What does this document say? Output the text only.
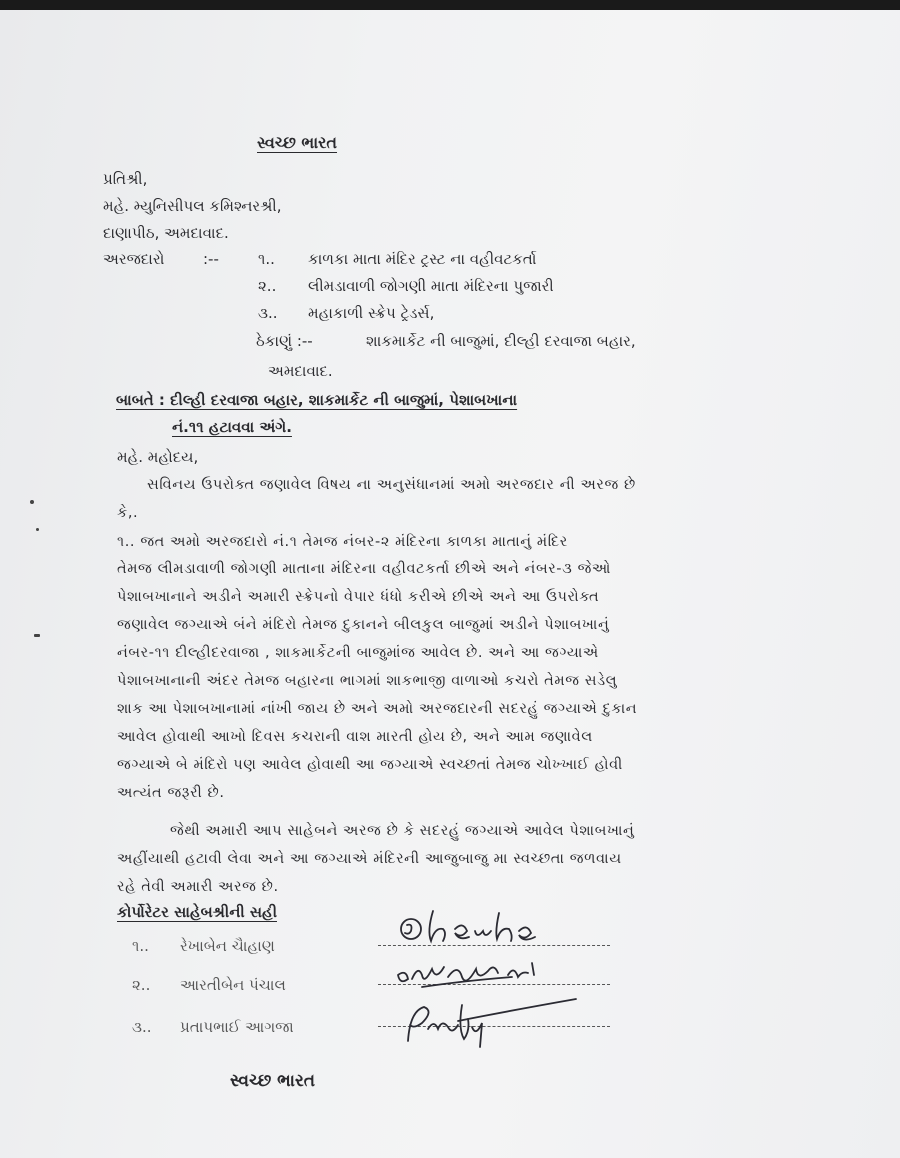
સ્વચ્છ ભારત
પ્રતિશ્રી,
મહે. મ્યુનિસીપલ કમિશ્નરશ્રી,
દાણાપીઠ, અમદાવાદ.
અરજદારો	:--	૧.. કાળકા માતા મંદિર ટ્રસ્ટ ના વહીવટકર્તા
૨.. લીમડાવાળી જોગણી માતા મંદિરના પુજારી
૩.. મહાકાળી સ્ક્રેપ ટ્રેડર્સ,
ઠેકાણું :--	શાકમાર્કેટ ની બાજુમાં, દીલ્હી દરવાજા બહાર,
અમદાવાદ.
બાબતે : દીલ્હી દરવાજા બહાર, શાકમાર્કેટ ની બાજુમાં, પેશાબખાના
નં.૧૧ હટાવવા અંગે.
મહે. મહોદય,
સવિનય ઉપરોક્ત જણાવેલ વિષય ના અનુસંધાનમાં અમો અરજદાર ની અરજ છે
કે,.
૧.. જત અમો અરજદારો નં.૧ તેમજ નંબર-૨ મંદિરના કાળકા માતાનું મંદિર
તેમજ લીમડાવાળી જોગણી માતાના મંદિરના વહીવટકર્તા છીએ અને નંબર-૩ જેઓ
પેશાબખાનાને અડીને અમારી સ્ક્રેપનો વેપાર ધંધો કરીએ છીએ અને આ ઉપરોક્ત
જણાવેલ જગ્યાએ બંને મંદિરો તેમજ દુકાનને બીલકુલ બાજુમાં અડીને પેશાબખાનું
નંબર-૧૧ દીલ્હીદરવાજા , શાકમાર્કેટની બાજુમાંજ આવેલ છે. અને આ જગ્યાએ
પેશાબખાનાની અંદર તેમજ બહારના ભાગમાં શાકભાજી વાળાઓ કચરો તેમજ સડેલુ
શાક આ પેશાબખાનામાં નાંખી જાય છે અને અમો અરજદારની સદરહું જગ્યાએ દુકાન
આવેલ હોવાથી આખો દિવસ કચરાની વાશ મારતી હોય છે, અને આમ જણાવેલ
જગ્યાએ બે મંદિરો પણ આવેલ હોવાથી આ જગ્યાએ સ્વચ્છતાં તેમજ ચોખ્ખાઈ હોવી
અત્યંત જરૂરી છે.
જેથી અમારી આપ સાહેબને અરજ છે કે સદરહું જગ્યાએ આવેલ પેશાબખાનું
અહીંયાથી હટાવી લેવા અને આ જગ્યાએ મંદિરની આજુબાજુ મા સ્વચ્છતા જળવાય
રહે તેવી અમારી અરજ છે.
કોર્પોરેટર સાહેબશ્રીની સહી
૧.. રેખાબેન ચૈાહાણ
૨.. આરતીબેન પંચાલ
૩.. પ્રતાપભાઈ આગજા
સ્વચ્છ ભારત
